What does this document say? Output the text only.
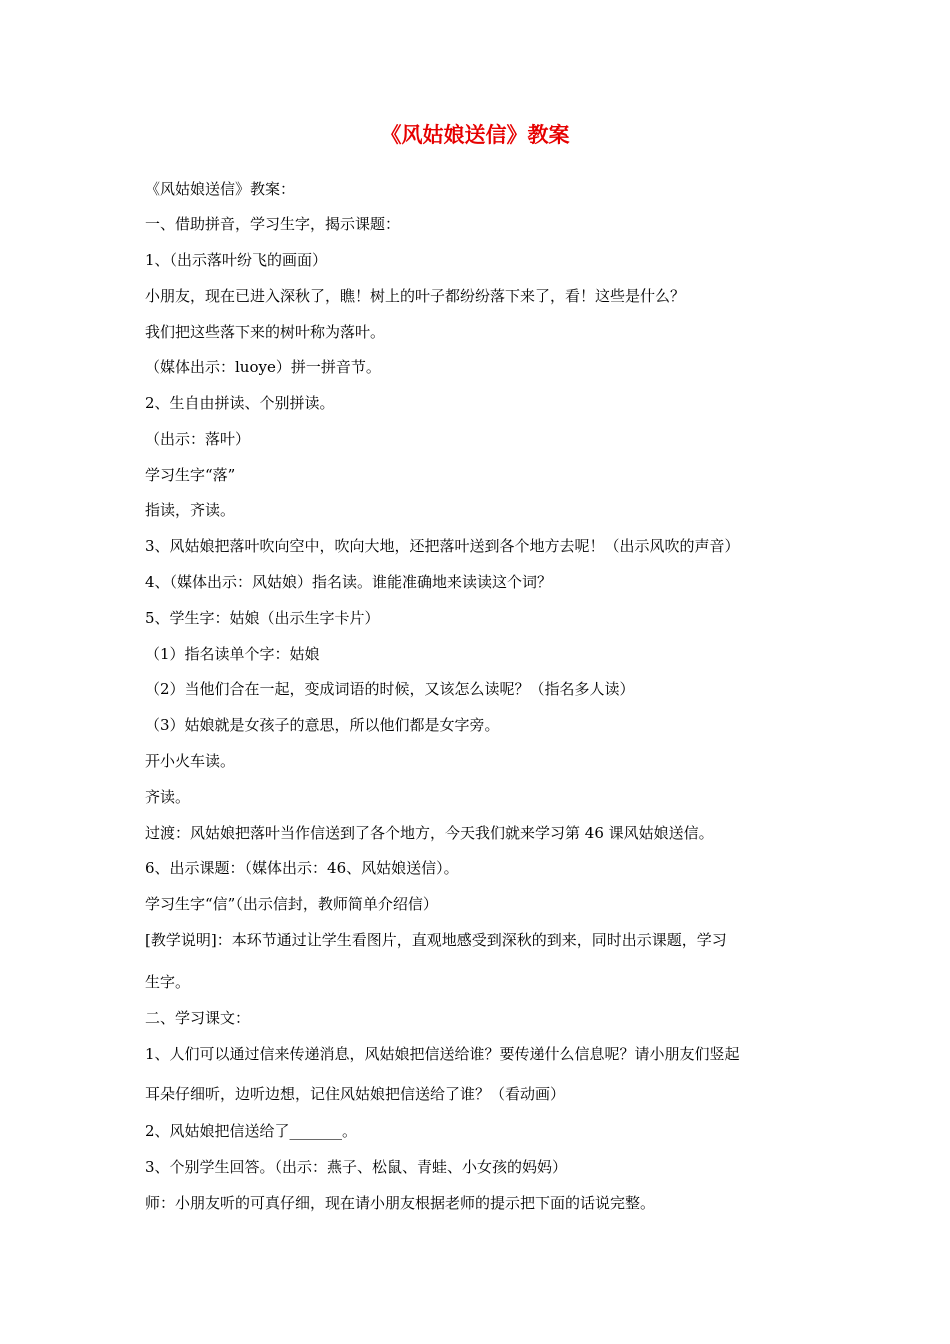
《风姑娘送信》教案
《风姑娘送信》教案：
一、借助拼音，学习生字，揭示课题：
1、（出示落叶纷飞的画面）
小朋友，现在已进入深秋了，瞧！树上的叶子都纷纷落下来了，看！这些是什么？
我们把这些落下来的树叶称为落叶。
（媒体出示：luoye）拼一拼音节。
2、生自由拼读、个别拼读。
（出示：落叶）
学习生字“落”
指读，齐读。
3、风姑娘把落叶吹向空中，吹向大地，还把落叶送到各个地方去呢！（出示风吹的声音）
4、（媒体出示：风姑娘）指名读。谁能准确地来读读这个词？
5、学生字：姑娘（出示生字卡片）
（1）指名读单个字：姑娘
（2）当他们合在一起，变成词语的时候，又该怎么读呢？（指名多人读）
（3）姑娘就是女孩子的意思，所以他们都是女字旁。
开小火车读。
齐读。
过渡：风姑娘把落叶当作信送到了各个地方，今天我们就来学习第 46 课风姑娘送信。
6、出示课题：（媒体出示：46、风姑娘送信）。
学习生字“信”（出示信封，教师简单介绍信）
[教学说明]：本环节通过让学生看图片，直观地感受到深秋的到来，同时出示课题，学习
生字。
二、学习课文：
1、人们可以通过信来传递消息，风姑娘把信送给谁？要传递什么信息呢？请小朋友们竖起
耳朵仔细听，边听边想，记住风姑娘把信送给了谁？（看动画）
2、风姑娘把信送给了_______。
3、个别学生回答。（出示：燕子、松鼠、青蛙、小女孩的妈妈）
师：小朋友听的可真仔细，现在请小朋友根据老师的提示把下面的话说完整。
